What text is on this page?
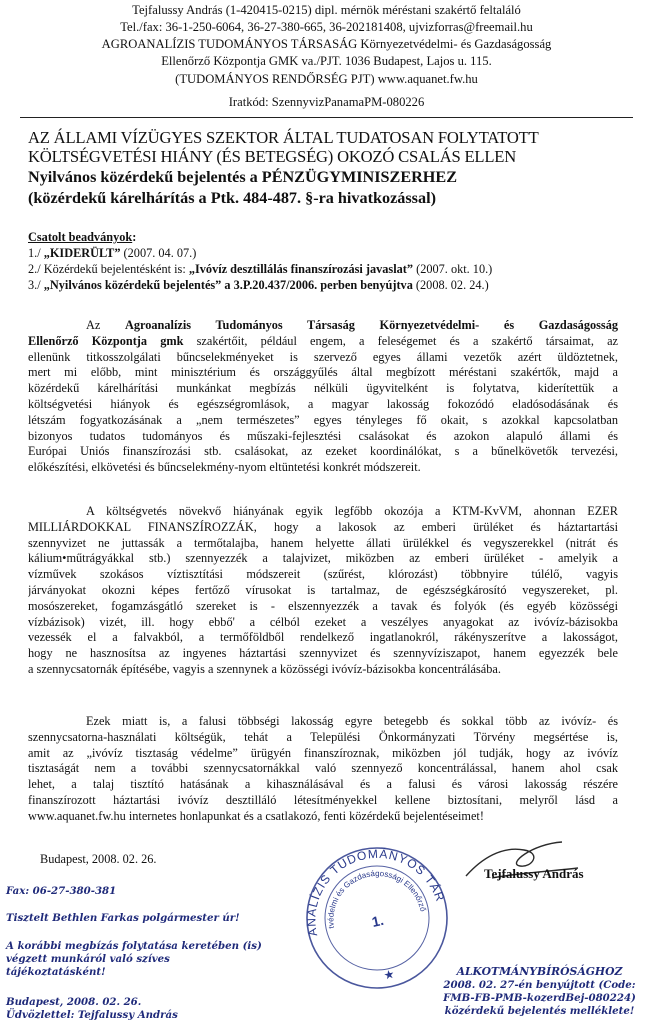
Tejfalussy András (1-420415-0215) dipl. mérnök méréstani szakértő feltaláló
Tel./fax: 36-1-250-6064, 36-27-380-665, 36-202181408, ujvizforras@freemail.hu
AGROANALÍZIS TUDOMÁNYOS TÁRSASÁG Környezetvédelmi- és Gazdaságosság
Ellenőrző Központja GMK va./PJT. 1036 Budapest, Lajos u. 115.
(TUDOMÁNYOS RENDŐRSÉG PJT) www.aquanet.fw.hu
Iratkód: SzennyvizPanamaPM-080226
AZ ÁLLAMI VÍZÜGYES SZEKTOR ÁLTAL TUDATOSAN FOLYTATOTT
KÖLTSÉGVETÉSI HIÁNY (ÉS BETEGSÉG) OKOZÓ CSALÁS ELLEN
Nyilvános közérdekű bejelentés a PÉNZÜGYMINISZERHEZ
(közérdekű kárelhárítás a Ptk. 484-487. §-ra hivatkozással)
Csatolt beadványok:
1./ „KIDERÜLT” (2007. 04. 07.)
2./ Közérdekű bejelentésként is: „Ivóvíz desztillálás finanszírozási javaslat” (2007. okt. 10.)
3./ „Nyilvános közérdekű bejelentés” a 3.P.20.437/2006. perben benyújtva (2008. 02. 24.)
Az Agroanalízis Tudományos Társaság Környezetvédelmi- és Gazdaságosság
Ellenőrző Központja gmk szakértőit, például engem, a feleségemet és a szakértő társaimat, az
ellenünk titkosszolgálati bűncselekményeket is szervező egyes állami vezetők azért üldöztetnek,
mert mi előbb, mint minisztérium és országgyűlés által megbízott méréstani szakértők, majd a
közérdekű kárelhárítási munkánkat megbízás nélküli ügyvitelként is folytatva, kiderítettük a
költségvetési hiányok és egészségromlások, a magyar lakosság fokozódó eladósodásának és
létszám fogyatkozásának a „nem természetes” egyes tényleges fő okait, s azokkal kapcsolatban
bizonyos tudatos tudományos és műszaki-fejlesztési csalásokat és azokon alapuló állami és
Európai Uniós finanszírozási stb. csalásokat, az ezeket koordinálókat, s a bűnelkövetők tervezési,
előkészítési, elkövetési és bűncselekmény-nyom eltüntetési konkrét módszereit.
A költségvetés növekvő hiányának egyik legfőbb okozója a KTM-KvVM, ahonnan EZER
MILLIÁRDOKKAL FINANSZÍROZZÁK, hogy a lakosok az emberi ürüléket és háztartartási
szennyvizet ne juttassák a termőtalajba, hanem helyette állati ürülékkel és vegyszerekkel (nitrát és
kálium•műtrágyákkal stb.) szennyezzék a talajvizet, miközben az emberi ürüléket - amelyik a
vízművek szokásos víztisztítási módszereit (szűrést, klórozást) többnyire túlélő, vagyis
járványokat okozni képes fertőző vírusokat is tartalmaz, de egészségkárosító vegyszereket, pl.
mosószereket, fogamzásgátló szereket is - elszennyezzék a tavak és folyók (és egyéb közösségi
vízbázisok) vizét, ill. hogy ebbő' a célból ezeket a veszélyes anyagokat az ivóvíz-bázisokba
vezessék el a falvakból, a termőföldből rendelkező ingatlanokról, rákényszerítve a lakosságot,
hogy ne hasznosítsa az ingyenes háztartási szennyvizet és szennyvíziszapot, hanem egyezzék bele
a szennycsatornák építésébe, vagyis a szennynek a közösségi ivóvíz-bázisokba koncentrálásába.
Ezek miatt is, a falusi többségi lakosság egyre betegebb és sokkal több az ivóvíz- és
szennycsatorna-használati költségük, tehát a Települési Önkormányzati Törvény megsértése is,
amit az „ivóvíz tisztaság védelme” ürügyén finanszíroznak, miközben jól tudják, hogy az ivóvíz
tisztaságát nem a további szennycsatornákkal való szennyező koncentrálással, hanem ahol csak
lehet, a talaj tisztító hatásának a kihasználásával és a falusi és városi lakosság részére
finanszírozott háztartási ivóvíz desztilláló létesítményekkel kellene biztosítani, melyről lásd a
www.aquanet.fw.hu internetes honlapunkat és a csatlakozó, fenti közérdekű bejelentéseimet!
Budapest, 2008. 02. 26.
Tejfalussy András
AGROANALÍZIS TUDOMÁNYOS TÁRSASÁG
Környezetvédelmi és Gazdaságossági Ellenőrző
1.
★
Fax: 06-27-380-381
Tisztelt Bethlen Farkas polgármester úr!
A korábbi megbízás folytatása keretében (is)
végzett munkáról való szíves
tájékoztatásként!
Budapest, 2008. 02. 26.
Üdvözlettel: Tejfalussy András
ALKOTMÁNYBÍRÓSÁGHOZ
2008. 02. 27-én benyújtott (Code:
FMB-FB-PMB-kozerdBej-080224)
közérdekű bejelentés melléklete!
